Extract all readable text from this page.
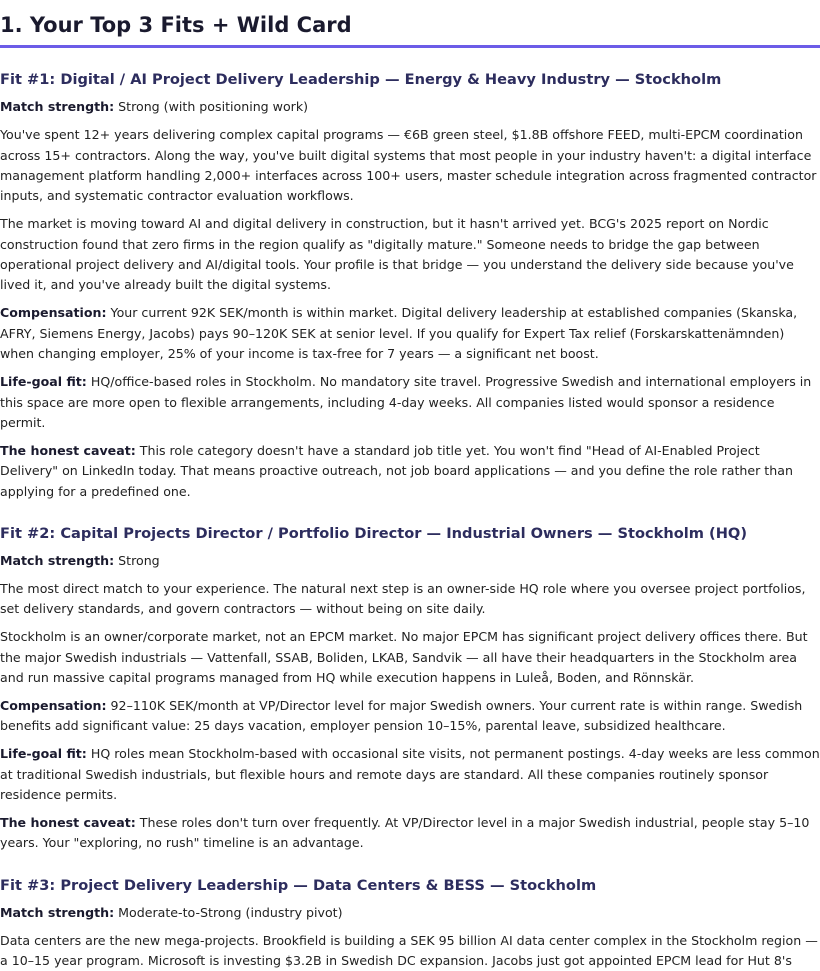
1. Your Top 3 Fits + Wild Card
Fit #1: Digital / AI Project Delivery Leadership — Energy & Heavy Industry — Stockholm

Match strength: Strong (with positioning work)

You've spent 12+ years delivering complex capital programs — €6B green steel, $1.8B offshore FEED, multi-EPCM coordination across 15+ contractors. Along the way, you've built digital systems that most people in your industry haven't: a digital interface management platform handling 2,000+ interfaces across 100+ users, master schedule integration across fragmented contractor inputs, and systematic contractor evaluation workflows.

The market is moving toward AI and digital delivery in construction, but it hasn't arrived yet. BCG's 2025 report on Nordic construction found that zero firms in the region qualify as "digitally mature." Someone needs to bridge the gap between operational project delivery and AI/digital tools. Your profile is that bridge — you understand the delivery side because you've lived it, and you've already built the digital systems.

Compensation: Your current 92K SEK/month is within market. Digital delivery leadership at established companies (Skanska, AFRY, Siemens Energy, Jacobs) pays 90–120K SEK at senior level. If you qualify for Expert Tax relief (Forskarskattenämnden) when changing employer, 25% of your income is tax-free for 7 years — a significant net boost.

Life-goal fit: HQ/office-based roles in Stockholm. No mandatory site travel. Progressive Swedish and international employers in this space are more open to flexible arrangements, including 4-day weeks. All companies listed would sponsor a residence permit.

The honest caveat: This role category doesn't have a standard job title yet. You won't find "Head of AI-Enabled Project Delivery" on LinkedIn today. That means proactive outreach, not job board applications — and you define the role rather than applying for a predefined one.

Fit #2: Capital Projects Director / Portfolio Director — Industrial Owners — Stockholm (HQ)

Match strength: Strong

The most direct match to your experience. The natural next step is an owner-side HQ role where you oversee project portfolios, set delivery standards, and govern contractors — without being on site daily.

Stockholm is an owner/corporate market, not an EPCM market. No major EPCM has significant project delivery offices there. But the major Swedish industrials — Vattenfall, SSAB, Boliden, LKAB, Sandvik — all have their headquarters in the Stockholm area and run massive capital programs managed from HQ while execution happens in Luleå, Boden, and Rönnskär.

Compensation: 92–110K SEK/month at VP/Director level for major Swedish owners. Your current rate is within range. Swedish benefits add significant value: 25 days vacation, employer pension 10–15%, parental leave, subsidized healthcare.

Life-goal fit: HQ roles mean Stockholm-based with occasional site visits, not permanent postings. 4-day weeks are less common at traditional Swedish industrials, but flexible hours and remote days are standard. All these companies routinely sponsor residence permits.

The honest caveat: These roles don't turn over frequently. At VP/Director level in a major Swedish industrial, people stay 5–10 years. Your "exploring, no rush" timeline is an advantage.

Fit #3: Project Delivery Leadership — Data Centers & BESS — Stockholm

Match strength: Moderate-to-Strong (industry pivot)

Data centers are the new mega-projects. Brookfield is building a SEK 95 billion AI data center complex in the Stockholm region — a 10–15 year program. Microsoft is investing $3.2B in Swedish DC expansion. Jacobs just got appointed EPCM lead for Hut 8's
